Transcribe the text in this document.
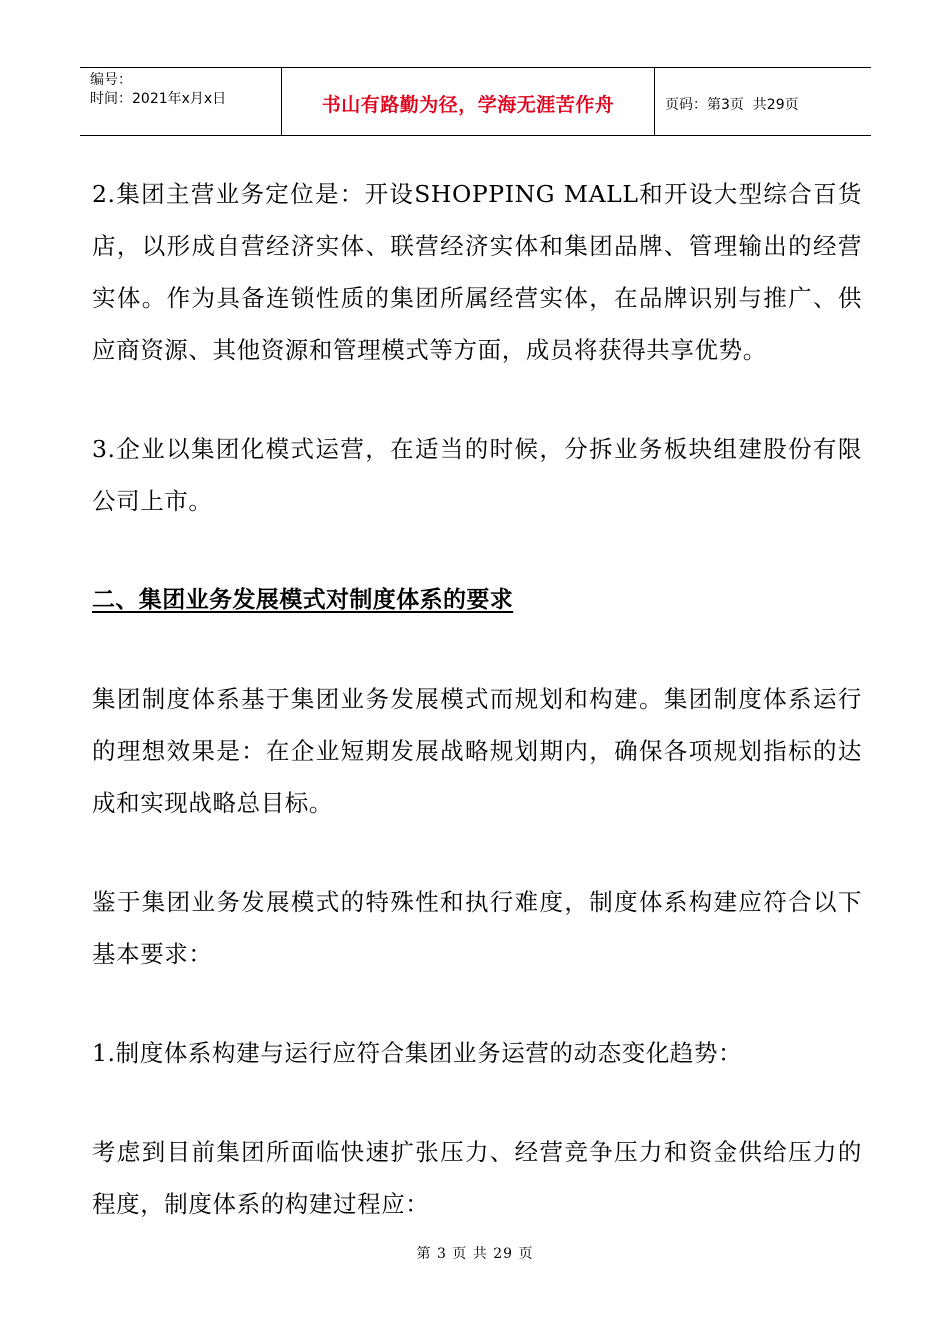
编号：
时间：2021年x月x日	书山有路勤为径，学海无涯苦作舟	页码：第3页  共29页

2.集团主营业务定位是：开设SHOPPING MALL和开设大型综合百货店，以形成自营经济实体、联营经济实体和集团品牌、管理输出的经营实体。作为具备连锁性质的集团所属经营实体，在品牌识别与推广、供应商资源、其他资源和管理模式等方面，成员将获得共享优势。

3.企业以集团化模式运营，在适当的时候，分拆业务板块组建股份有限公司上市。

二、集团业务发展模式对制度体系的要求

集团制度体系基于集团业务发展模式而规划和构建。集团制度体系运行的理想效果是：在企业短期发展战略规划期内，确保各项规划指标的达成和实现战略总目标。

鉴于集团业务发展模式的特殊性和执行难度，制度体系构建应符合以下基本要求：

1.制度体系构建与运行应符合集团业务运营的动态变化趋势：

考虑到目前集团所面临快速扩张压力、经营竞争压力和资金供给压力的程度，制度体系的构建过程应：

第 3 页 共 29 页
